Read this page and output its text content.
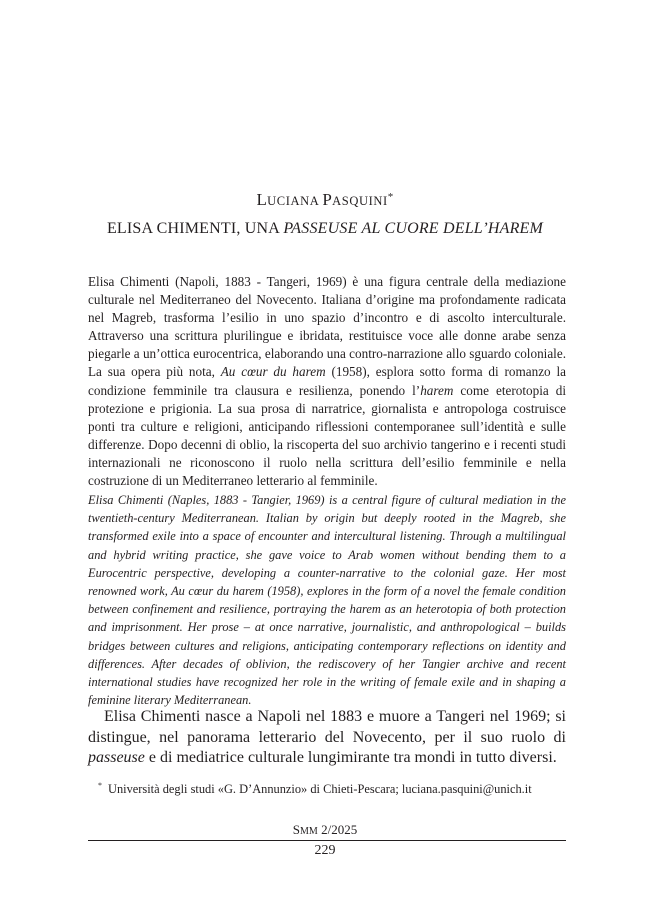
LUCIANA PASQUINI*
ELISA CHIMENTI, UNA PASSEUSE AL CUORE DELL’HAREM

Elisa Chimenti (Napoli, 1883 - Tangeri, 1969) è una figura centrale della mediazione culturale nel Mediterraneo del Novecento. Italiana d’origine ma profondamente radicata nel Magreb, trasforma l’esilio in uno spazio d’incontro e di ascolto interculturale. Attraverso una scrittura plurilingue e ibridata, restituisce voce alle donne arabe senza piegarle a un’ottica eurocentrica, elaborando una contro-narrazione allo sguardo coloniale. La sua opera più nota, Au cœur du harem (1958), esplora sotto forma di romanzo la condizione femminile tra clausura e resilienza, ponendo l’harem come eterotopia di protezione e prigionia. La sua prosa di narratrice, giornalista e antropologa costruisce ponti tra culture e religioni, anticipando riflessioni contemporanee sull’identità e sulle differenze. Dopo decenni di oblio, la riscoperta del suo archivio tangerino e i recenti studi internazionali ne riconoscono il ruolo nella scrittura dell’esilio femminile e nella costruzione di un Mediterraneo letterario al femminile.

Elisa Chimenti (Naples, 1883 - Tangier, 1969) is a central figure of cultural mediation in the twentieth-century Mediterranean. Italian by origin but deeply rooted in the Magreb, she transformed exile into a space of encounter and intercultural listening. Through a multilingual and hybrid writing practice, she gave voice to Arab women without bending them to a Eurocentric perspective, developing a counter-narrative to the colonial gaze. Her most renowned work, Au cœur du harem (1958), explores in the form of a novel the female condition between confinement and resilience, portraying the harem as an heterotopia of both protection and imprisonment. Her prose – at once narrative, journalistic, and anthropological – builds bridges between cultures and religions, anticipating contemporary reflections on identity and differences. After decades of oblivion, the rediscovery of her Tangier archive and recent international studies have recognized her role in the writing of female exile and in shaping a feminine literary Mediterranean.

Elisa Chimenti nasce a Napoli nel 1883 e muore a Tangeri nel 1969; si distingue, nel panorama letterario del Novecento, per il suo ruolo di passeuse e di mediatrice culturale lungimirante tra mondi in tutto diversi.

* Università degli studi «G. D’Annunzio» di Chieti-Pescara; luciana.pasquini@unich.it

SMM 2/2025
229
